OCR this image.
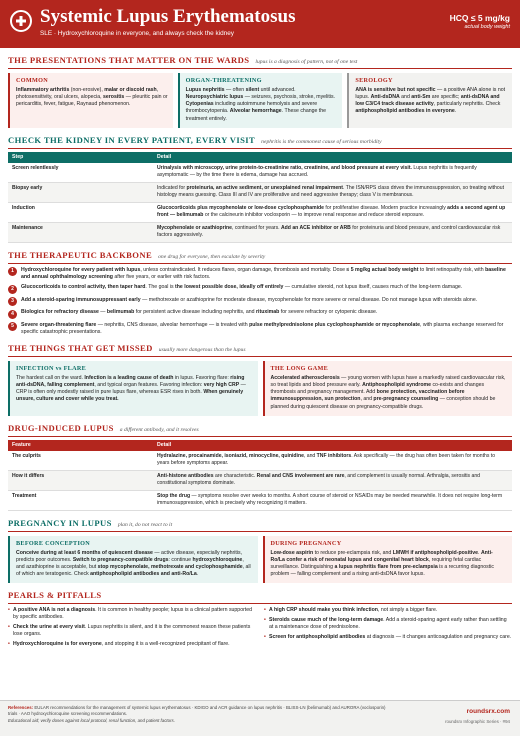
Systemic Lupus Erythematosus
SLE · Hydroxychloroquine in everyone, and always check the kidney
HCQ ≤ 5 mg/kg
actual body weight
THE PRESENTATIONS THAT MATTER ON THE WARDS lupus is a diagnosis of pattern, not of one test
COMMON
Inflammatory arthritis (non-erosive), malar or discoid rash, photosensitivity, oral ulcers, alopecia, serositis — pleuritic pain or pericarditis, fever, fatigue, Raynaud phenomenon.
ORGAN-THREATENING
Lupus nephritis — often silent until advanced. Neuropsychiatric lupus — seizures, psychosis, stroke, myelitis. Cytopenias including autoimmune hemolysis and severe thrombocytopenia. Alveolar hemorrhage. These change the treatment entirely.
SEROLOGY
ANA is sensitive but not specific — a positive ANA alone is not lupus. Anti-dsDNA and anti-Sm are specific; anti-dsDNA and low C3/C4 track disease activity, particularly nephritis. Check antiphospholipid antibodies in everyone.
CHECK THE KIDNEY IN EVERY PATIENT, EVERY VISIT nephritis is the commonest cause of serious morbidity
Step	Detail
Screen relentlessly	Urinalysis with microscopy, urine protein-to-creatinine ratio, creatinine, and blood pressure at every visit. Lupus nephritis is frequently asymptomatic — by the time there is edema, damage has accrued.
Biopsy early	Indicated for proteinuria, an active sediment, or unexplained renal impairment. The ISN/RPS class drives the immunosuppression, so treating without histology means guessing. Class III and IV are proliferative and need aggressive therapy; class V is membranous.
Induction	Glucocorticoids plus mycophenolate or low-dose cyclophosphamide for proliferative disease. Modern practice increasingly adds a second agent up front — belimumab or the calcineurin inhibitor voclosporin — to improve renal response and reduce steroid exposure.
Maintenance	Mycophenolate or azathioprine, continued for years. Add an ACE inhibitor or ARB for proteinuria and blood pressure, and control cardiovascular risk factors aggressively.
THE THERAPEUTIC BACKBONE one drug for everyone, then escalate by severity
1	Hydroxychloroquine for every patient with lupus, unless contraindicated. It reduces flares, organ damage, thrombosis and mortality. Dose ≤ 5 mg/kg actual body weight to limit retinopathy risk, with baseline and annual ophthalmology screening after five years, or earlier with risk factors.
2	Glucocorticoids to control activity, then taper hard. The goal is the lowest possible dose, ideally off entirely — cumulative steroid, not lupus itself, causes much of the long-term damage.
3	Add a steroid-sparing immunosuppressant early — methotrexate or azathioprine for moderate disease, mycophenolate for more severe or renal disease. Do not manage lupus with steroids alone.
4	Biologics for refractory disease — belimumab for persistent active disease including nephritis, and rituximab for severe refractory or cytopenic disease.
5	Severe organ-threatening flare — nephritis, CNS disease, alveolar hemorrhage — is treated with pulse methylprednisolone plus cyclophosphamide or mycophenolate, with plasma exchange reserved for specific catastrophic presentations.
THE THINGS THAT GET MISSED usually more dangerous than the lupus
INFECTION vs FLARE
The hardest call on the ward. Infection is a leading cause of death in lupus. Favoring flare: rising anti-dsDNA, falling complement, and typical organ features. Favoring infection: very high CRP — CRP is often only modestly raised in pure lupus flare, whereas ESR rises in both. When genuinely unsure, culture and cover while you treat.
THE LONG GAME
Accelerated atherosclerosis — young women with lupus have a markedly raised cardiovascular risk, so treat lipids and blood pressure early. Antiphospholipid syndrome co-exists and changes thrombosis and pregnancy management. Add bone protection, vaccination before immunosuppression, sun protection, and pre-pregnancy counseling — conception should be planned during quiescent disease on pregnancy-compatible drugs.
DRUG-INDUCED LUPUS a different antibody, and it resolves
Feature	Detail
The culprits	Hydralazine, procainamide, isoniazid, minocycline, quinidine, and TNF inhibitors. Ask specifically — the drug has often been taken for months to years before symptoms appear.
How it differs	Anti-histone antibodies are characteristic. Renal and CNS involvement are rare, and complement is usually normal. Arthralgia, serositis and constitutional symptoms dominate.
Treatment	Stop the drug — symptoms resolve over weeks to months. A short course of steroid or NSAIDs may be needed meanwhile. It does not require long-term immunosuppression, which is precisely why recognizing it matters.
PREGNANCY IN LUPUS plan it, do not react to it
BEFORE CONCEPTION
Conceive during at least 6 months of quiescent disease — active disease, especially nephritis, predicts poor outcomes. Switch to pregnancy-compatible drugs: continue hydroxychloroquine, and azathioprine is acceptable, but stop mycophenolate, methotrexate and cyclophosphamide, all of which are teratogenic. Check antiphospholipid antibodies and anti-Ro/La.
DURING PREGNANCY
Low-dose aspirin to reduce pre-eclampsia risk, and LMWH if antiphospholipid-positive. Anti-Ro/La confer a risk of neonatal lupus and congenital heart block, requiring fetal cardiac surveillance. Distinguishing a lupus nephritis flare from pre-eclampsia is a recurring diagnostic problem — falling complement and a rising anti-dsDNA favor lupus.
PEARLS & PITFALLS
• A positive ANA is not a diagnosis. It is common in healthy people; lupus is a clinical pattern supported by specific antibodies.
• Check the urine at every visit. Lupus nephritis is silent, and it is the commonest reason these patients lose organs.
• Hydroxychloroquine is for everyone, and stopping it is a well-recognized precipitant of flare.
• A high CRP should make you think infection, not simply a bigger flare.
• Steroids cause much of the long-term damage. Add a steroid-sparing agent early rather than settling at a maintenance dose of prednisolone.
• Screen for antiphospholipid antibodies at diagnosis — it changes anticoagulation and pregnancy care.
References: EULAR recommendations for the management of systemic lupus erythematosus · KDIGO and ACR guidance on lupus nephritis · BLISS-LN (belimumab) and AURORA (voclosporin) trials · AAO hydroxychloroquine screening recommendations.
Educational aid; verify doses against local protocol, renal function, and patient factors.
roundsrx.com
roundsrx Infographic Series · #94
